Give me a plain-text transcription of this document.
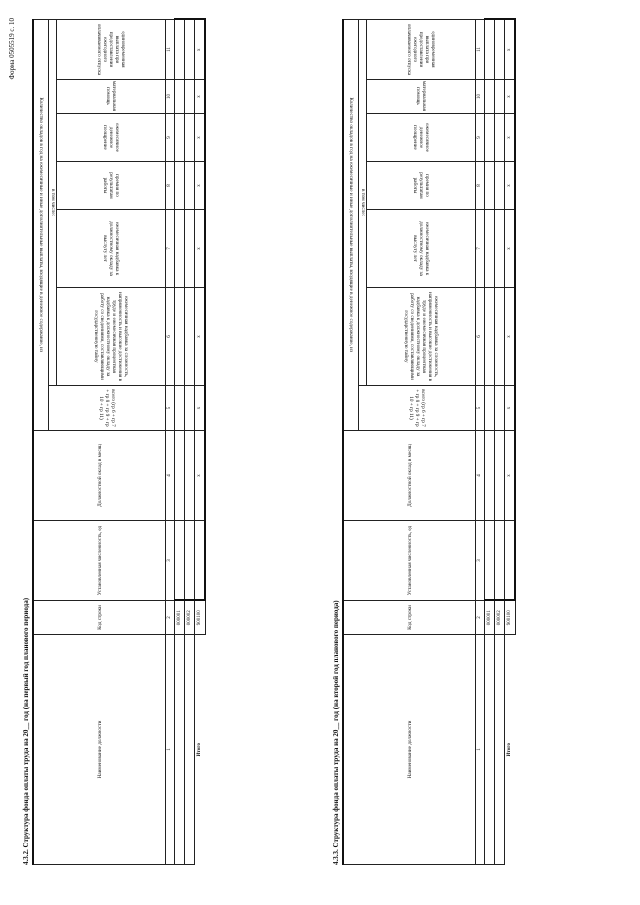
Форма 0505519 с. 10
4.3.2. Структура фонда оплаты труда на 20__ год (на первый год планового периода)	Наименование должности	Код строки	Установленная численность, ед	Должностной оклад в месяц	Количество окладов в год на ежемесячные и иные дополнительные выплаты, входящие в денежное содержание, из						
				всего (гр 6 + гр 7 + гр 8 + гр 9 + гр 10 + гр 11)	в том числе:					
					ежемесячная надбавка за сложность, напряженность и высокие достижения в труде и ежемесячная процентная надбавка к должностному окладу за работу со сведениями, составляющими государственную тайну	ежемесячная надбавка к должностному окладу за выслугу лет	премия по результатам работы	ежемесячное денежное поощрение	материальная помощь	единовременная выплата при предоставлении ежегодного оплачиваемого отпуска
1	2	3	4	5	6	7	8	9	10	11
	000001									
	000002									
Итого	900100		x	x	x	x	x	x	x	x
4.3.3. Структура фонда оплаты труда на 20__ год (на второй год планового периода)	Наименование должности	Код строки	Установленная численность, ед	Должностной оклад в месяц	Количество окладов в год на ежемесячные и иные дополнительные выплаты, входящие в денежное содержание, из						
				всего (гр 6 + гр 7 + гр 8 + гр 9 + гр 10 + гр 11)	в том числе:					
					ежемесячная надбавка за сложность, напряженность и высокие достижения в труде и ежемесячная процентная надбавка к должностному окладу за работу со сведениями, составляющими государственную тайну	ежемесячная надбавка к должностному окладу за выслугу лет	премия по результатам работы	ежемесячное денежное поощрение	материальная помощь	единовременная выплата при предоставлении ежегодного оплачиваемого отпуска
1	2	3	4	5	6	7	8	9	10	11
	000001									
	000002									
Итого	900100		x	x	x	x	x	x	x	x
